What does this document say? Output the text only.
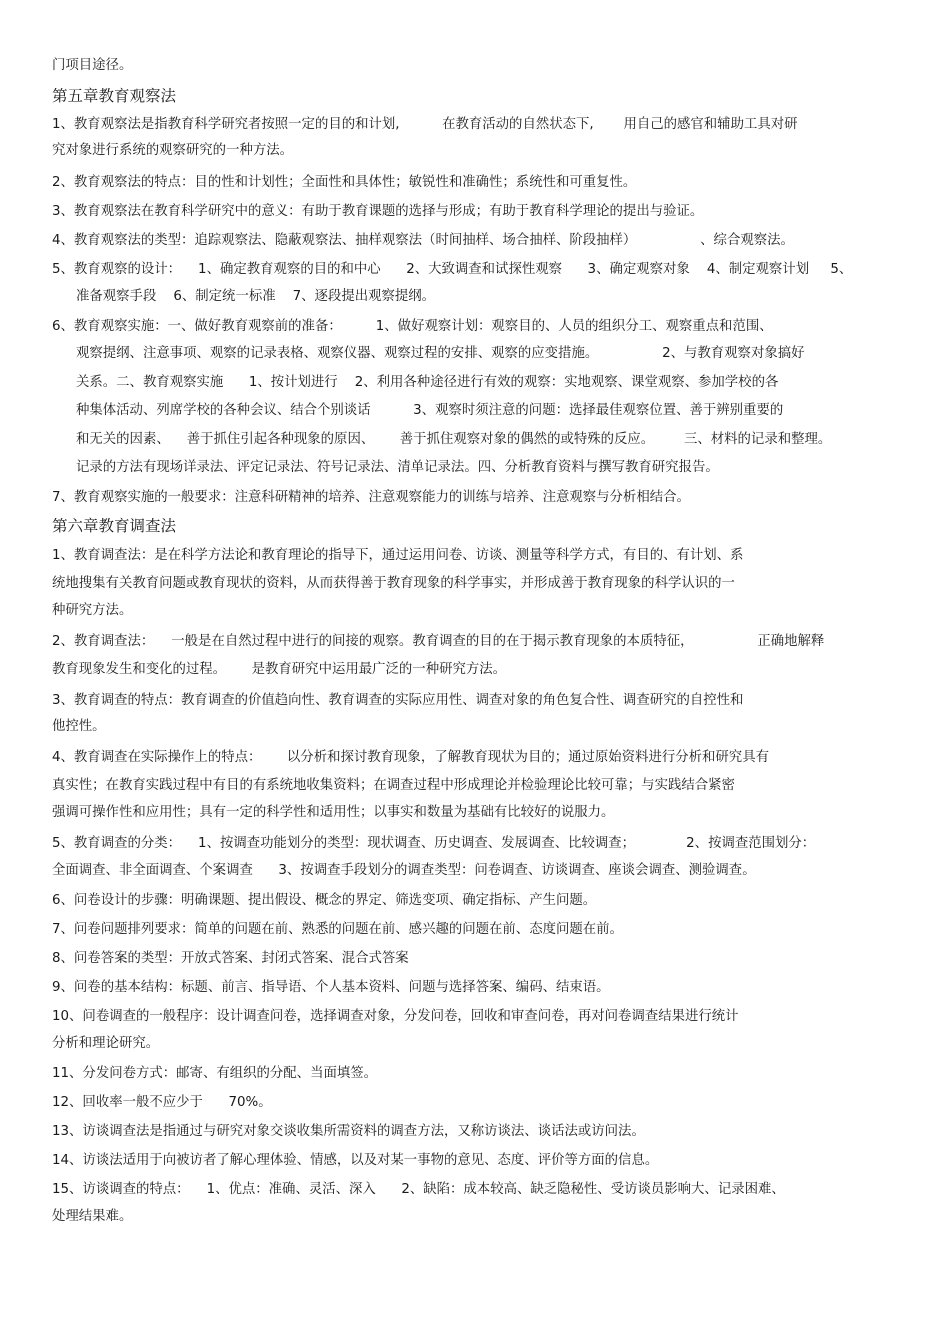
门项目途径。
第五章教育观察法
1、教育观察法是指教育科学研究者按照一定的目的和计划,          在教育活动的自然状态下,       用自己的感官和辅助工具对研
究对象进行系统的观察研究的一种方法。
2、教育观察法的特点：目的性和计划性；全面性和具体性；敏锐性和准确性；系统性和可重复性。
3、教育观察法在教育科学研究中的意义：有助于教育课题的选择与形成；有助于教育科学理论的提出与验证。
4、教育观察法的类型：追踪观察法、隐蔽观察法、抽样观察法（时间抽样、场合抽样、阶段抽样）               、综合观察法。
5、教育观察的设计：    1、确定教育观察的目的和中心      2、大致调查和试探性观察      3、确定观察对象    4、制定观察计划     5、
准备观察手段    6、制定统一标准    7、逐段提出观察提纲。
6、教育观察实施：一、做好教育观察前的准备：        1、做好观察计划：观察目的、人员的组织分工、观察重点和范围、
观察提纲、注意事项、观察的记录表格、观察仪器、观察过程的安排、观察的应变措施。               2、与教育观察对象搞好
关系。二、教育观察实施      1、按计划进行    2、利用各种途径进行有效的观察：实地观察、课堂观察、参加学校的各
种集体活动、列席学校的各种会议、结合个别谈话          3、观察时须注意的问题：选择最佳观察位置、善于辨别重要的
和无关的因素、    善于抓住引起各种现象的原因、      善于抓住观察对象的偶然的或特殊的反应。       三、材料的记录和整理。
记录的方法有现场详录法、评定记录法、符号记录法、清单记录法。四、分析教育资料与撰写教育研究报告。
7、教育观察实施的一般要求：注意科研精神的培养、注意观察能力的训练与培养、注意观察与分析相结合。
第六章教育调查法
1、教育调查法：是在科学方法论和教育理论的指导下，通过运用问卷、访谈、测量等科学方式，有目的、有计划、系
统地搜集有关教育问题或教育现状的资料，从而获得善于教育现象的科学事实，并形成善于教育现象的科学认识的一
种研究方法。
2、教育调查法：    一般是在自然过程中进行的间接的观察。教育调查的目的在于揭示教育现象的本质特征，               正确地解释
教育现象发生和变化的过程。      是教育研究中运用最广泛的一种研究方法。
3、教育调查的特点：教育调查的价值趋向性、教育调查的实际应用性、调查对象的角色复合性、调查研究的自控性和
他控性。
4、教育调查在实际操作上的特点：      以分析和探讨教育现象，了解教育现状为目的；通过原始资料进行分析和研究具有
真实性；在教育实践过程中有目的有系统地收集资料；在调查过程中形成理论并检验理论比较可靠；与实践结合紧密
强调可操作性和应用性；具有一定的科学性和适用性；以事实和数量为基础有比较好的说服力。
5、教育调查的分类：    1、按调查功能划分的类型：现状调查、历史调查、发展调查、比较调查；            2、按调查范围划分：
全面调查、非全面调查、个案调查      3、按调查手段划分的调查类型：问卷调查、访谈调查、座谈会调查、测验调查。
6、问卷设计的步骤：明确课题、提出假设、概念的界定、筛选变项、确定指标、产生问题。
7、问卷问题排列要求：简单的问题在前、熟悉的问题在前、感兴趣的问题在前、态度问题在前。
8、问卷答案的类型：开放式答案、封闭式答案、混合式答案
9、问卷的基本结构：标题、前言、指导语、个人基本资料、问题与选择答案、编码、结束语。
10、问卷调查的一般程序：设计调查问卷，选择调查对象，分发问卷，回收和审查问卷，再对问卷调查结果进行统计
分析和理论研究。
11、分发问卷方式：邮寄、有组织的分配、当面填签。
12、回收率一般不应少于      70%。
13、访谈调查法是指通过与研究对象交谈收集所需资料的调查方法，又称访谈法、谈话法或访问法。
14、访谈法适用于向被访者了解心理体验、情感，以及对某一事物的意见、态度、评价等方面的信息。
15、访谈调查的特点：    1、优点：准确、灵活、深入      2、缺陷：成本较高、缺乏隐秘性、受访谈员影响大、记录困难、
处理结果难。
